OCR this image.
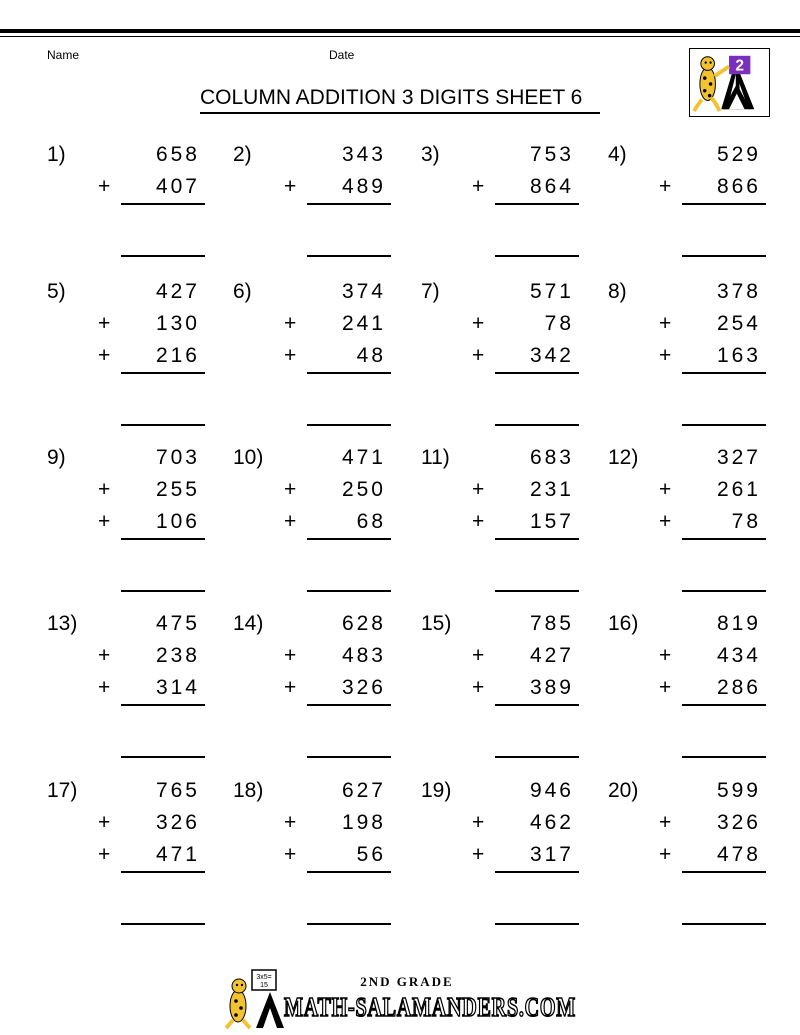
Name	Date
COLUMN ADDITION 3 DIGITS SHEET 6
2
1)	658
+ 407
2)	343
+ 489
3)	753
+ 864
4)	529
+ 866
5)	427
+ 130
+ 216
6)	374
+ 241
+	48
7)	571
+	78
+ 342
8)	378
+ 254
+ 163
9)	703
+ 255
+ 106
10)	471
+ 250
+	68
11)	683
+ 231
+ 157
12)	327
+ 261
+	78
13)	475
+ 238
+ 314
14)	628
+ 483
+ 326
15)	785
+ 427
+ 389
16)	819
+ 434
+ 286
17)	765
+ 326
+ 471
18)	627
+ 198
+	56
19)	946
+ 462
+ 317
20)	599
+ 326
+ 478
3x5=
15	2ND GRADE
MATH-SALAMANDERS.COM
